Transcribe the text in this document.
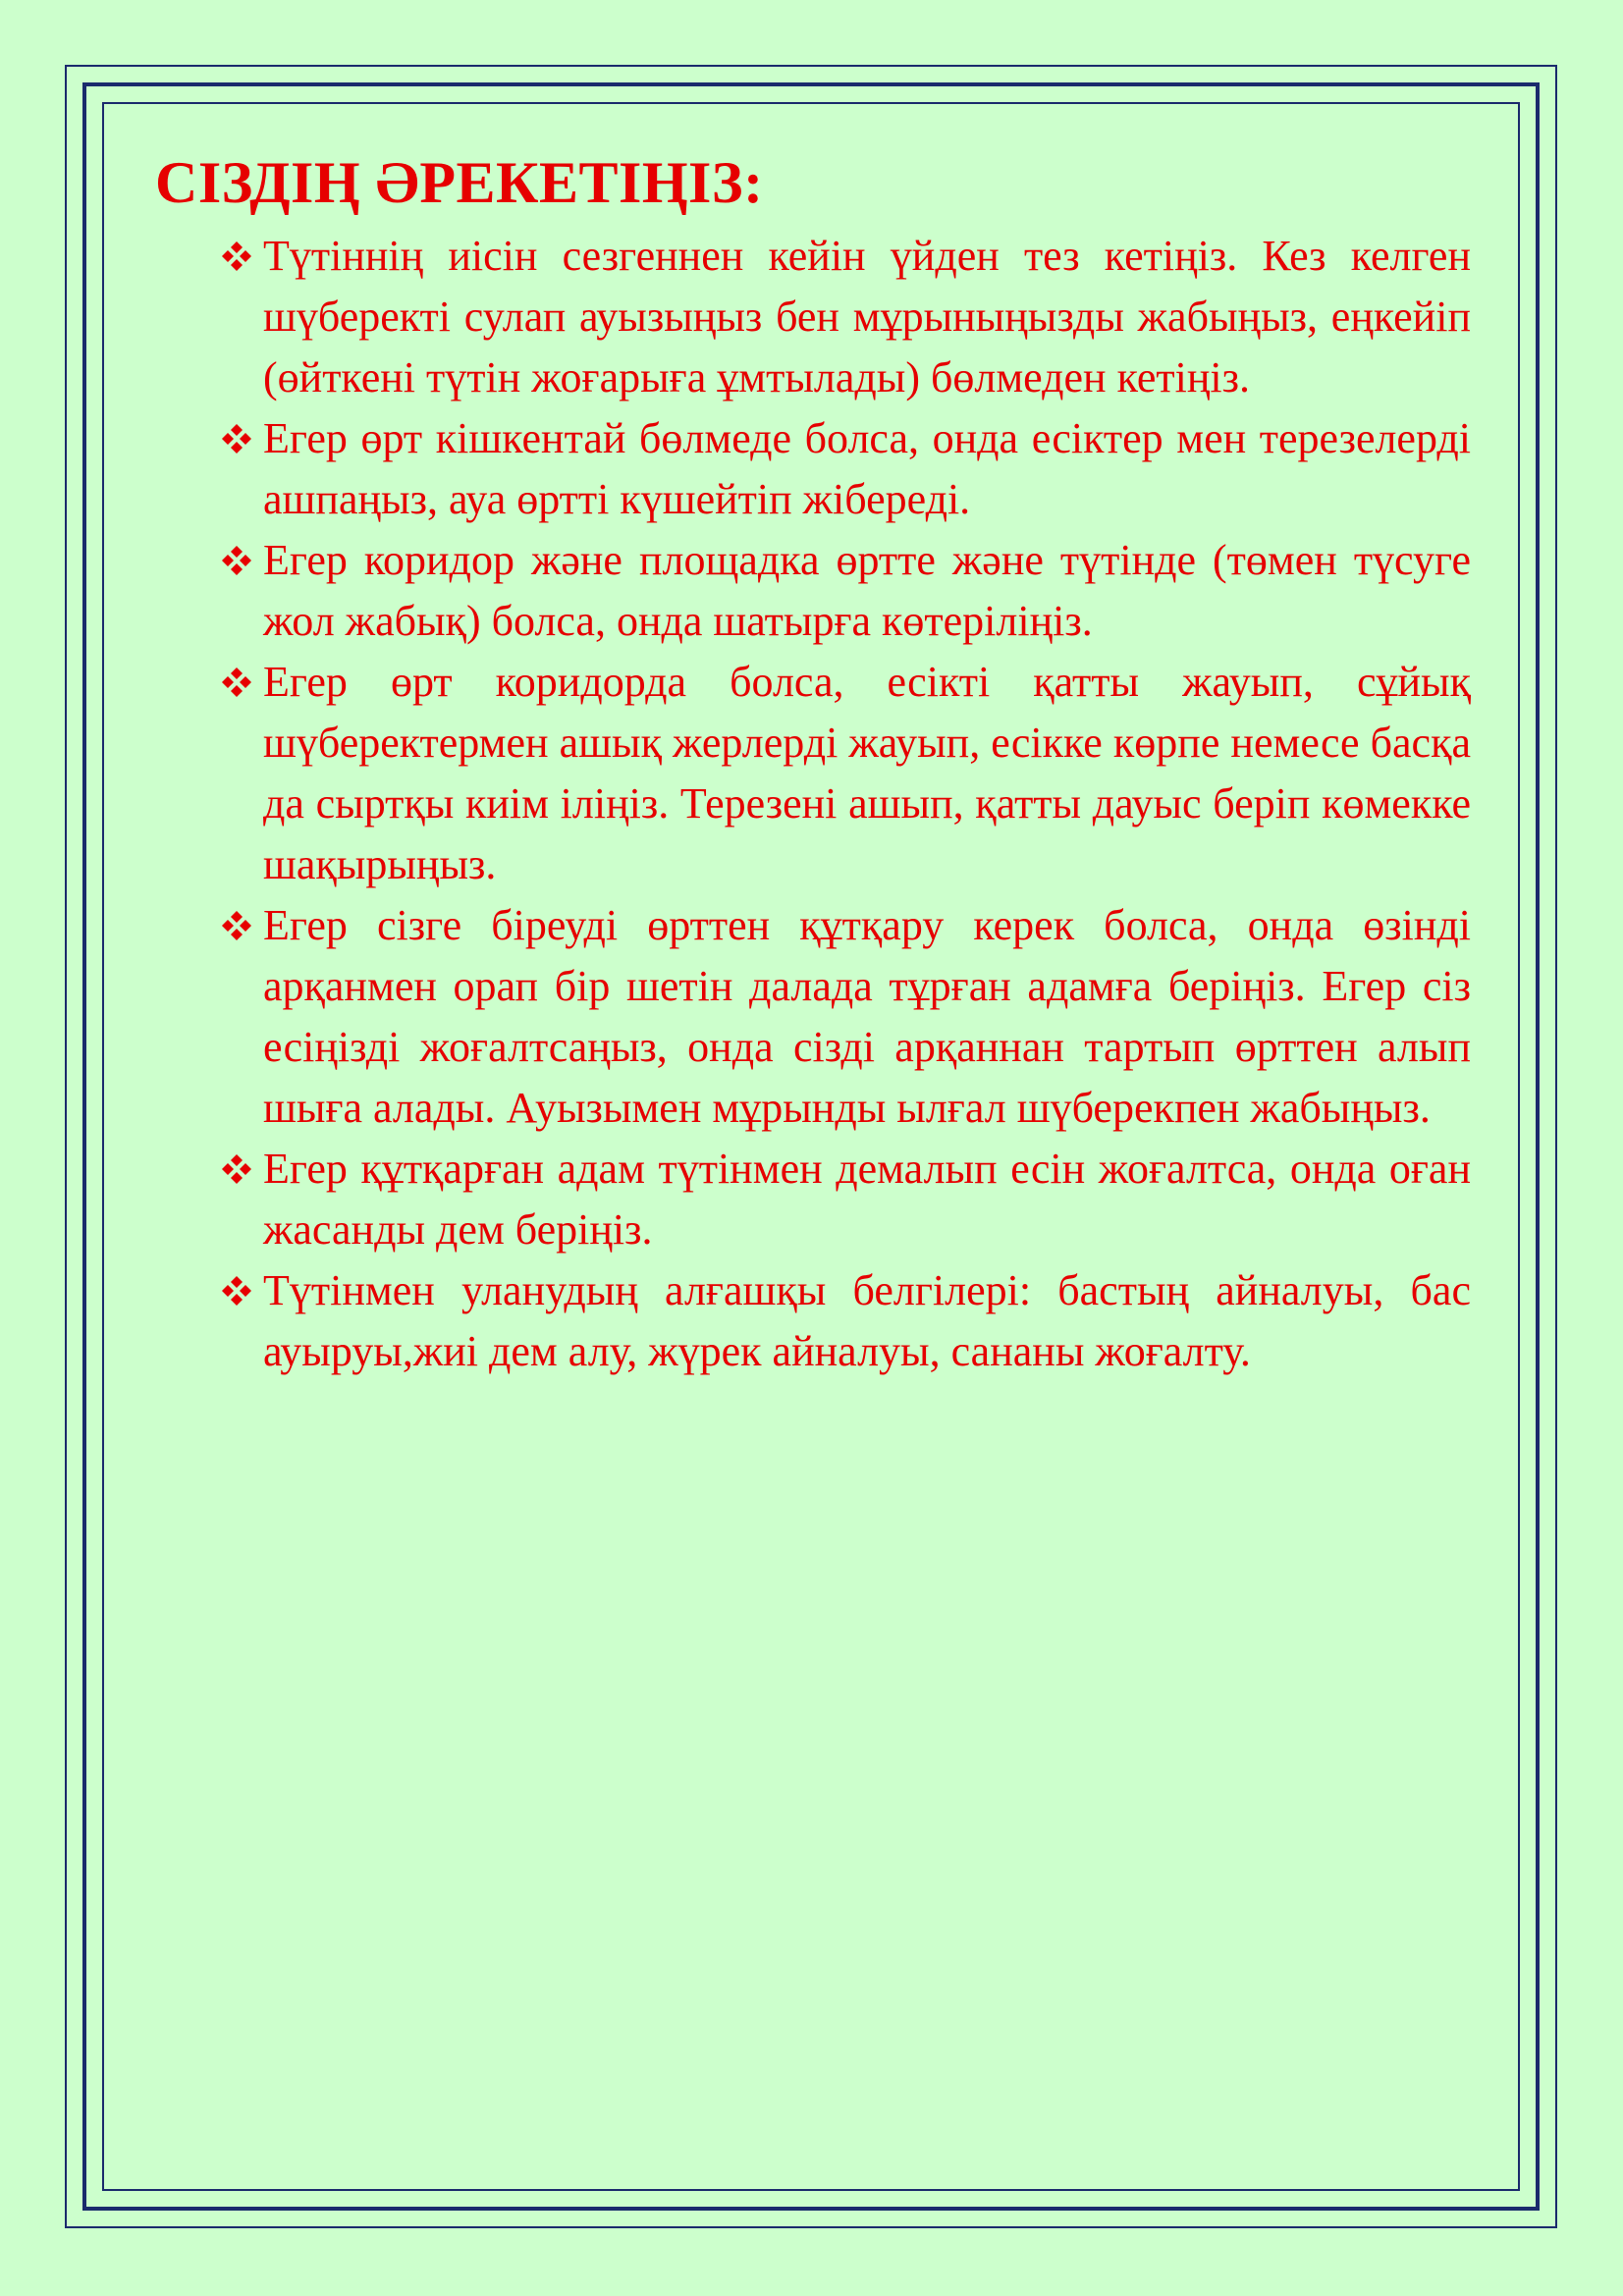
СІЗДІҢ ӘРЕКЕТІҢІЗ:
Түтіннің иісін сезгеннен кейін үйден тез кетіңіз. Кез келген шүберекті сулап ауызыңыз бен мұрыныңызды жабыңыз, еңкейіп (өйткені түтін жоғарыға ұмтылады) бөлмеден кетіңіз.
Егер өрт кішкентай бөлмеде болса, онда есіктер мен терезелерді ашпаңыз, ауа өртті күшейтіп жібереді.
Егер коридор және площадка өртте және түтінде (төмен түсуге жол жабық) болса, онда шатырға көтеріліңіз.
Егер өрт коридорда болса, есікті қатты жауып, сұйық шүберектермен ашық жерлерді жауып, есікке көрпе немесе басқа да сыртқы киім іліңіз. Терезені ашып, қатты дауыс беріп көмекке шақырыңыз.
Егер сізге біреуді өрттен құтқару керек болса, онда өзінді арқанмен орап бір шетін далада тұрған адамға беріңіз. Егер сіз есіңізді жоғалтсаңыз, онда сізді арқаннан тартып өрттен алып шыға алады. Ауызымен мұрынды ылғал шүберекпен жабыңыз.
Егер құтқарған адам түтінмен демалып есін жоғалтса, онда оған жасанды дем беріңіз.
Түтінмен уланудың алғашқы белгілері: бастың айналуы, бас ауыруы,жиі дем алу, жүрек айналуы, сананы жоғалту.
